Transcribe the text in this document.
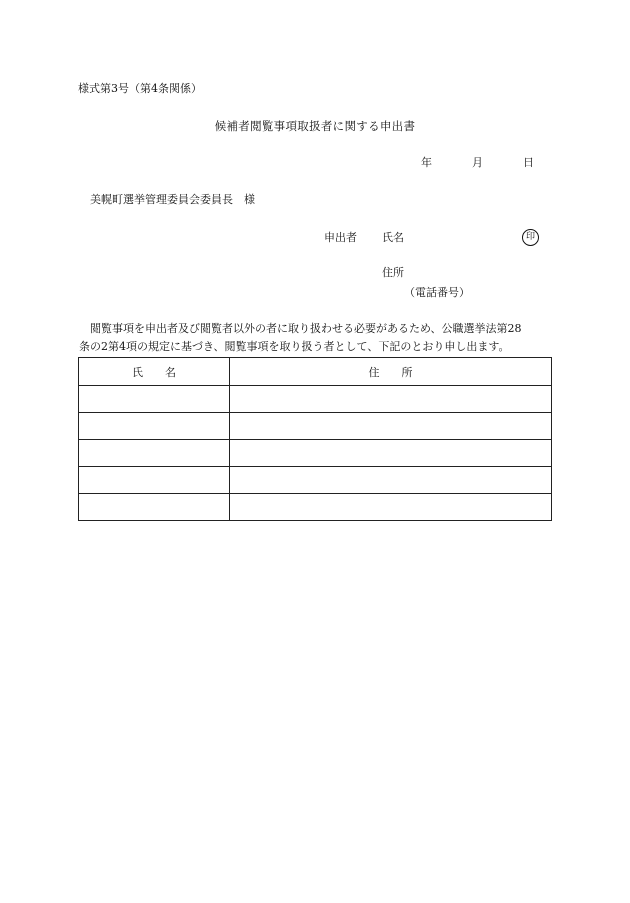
様式第3号（第4条関係）
候補者閲覧事項取扱者に関する申出書
年	月	日
美幌町選挙管理委員会委員長　様
申出者 氏名	印
住所
（電話番号）

　閲覧事項を申出者及び閲覧者以外の者に取り扱わせる必要があるため、公職選挙法第28

条の2第4項の規定に基づき、閲覧事項を取り扱う者として、下記のとおり申し出ます。

氏　　名	住　　所
